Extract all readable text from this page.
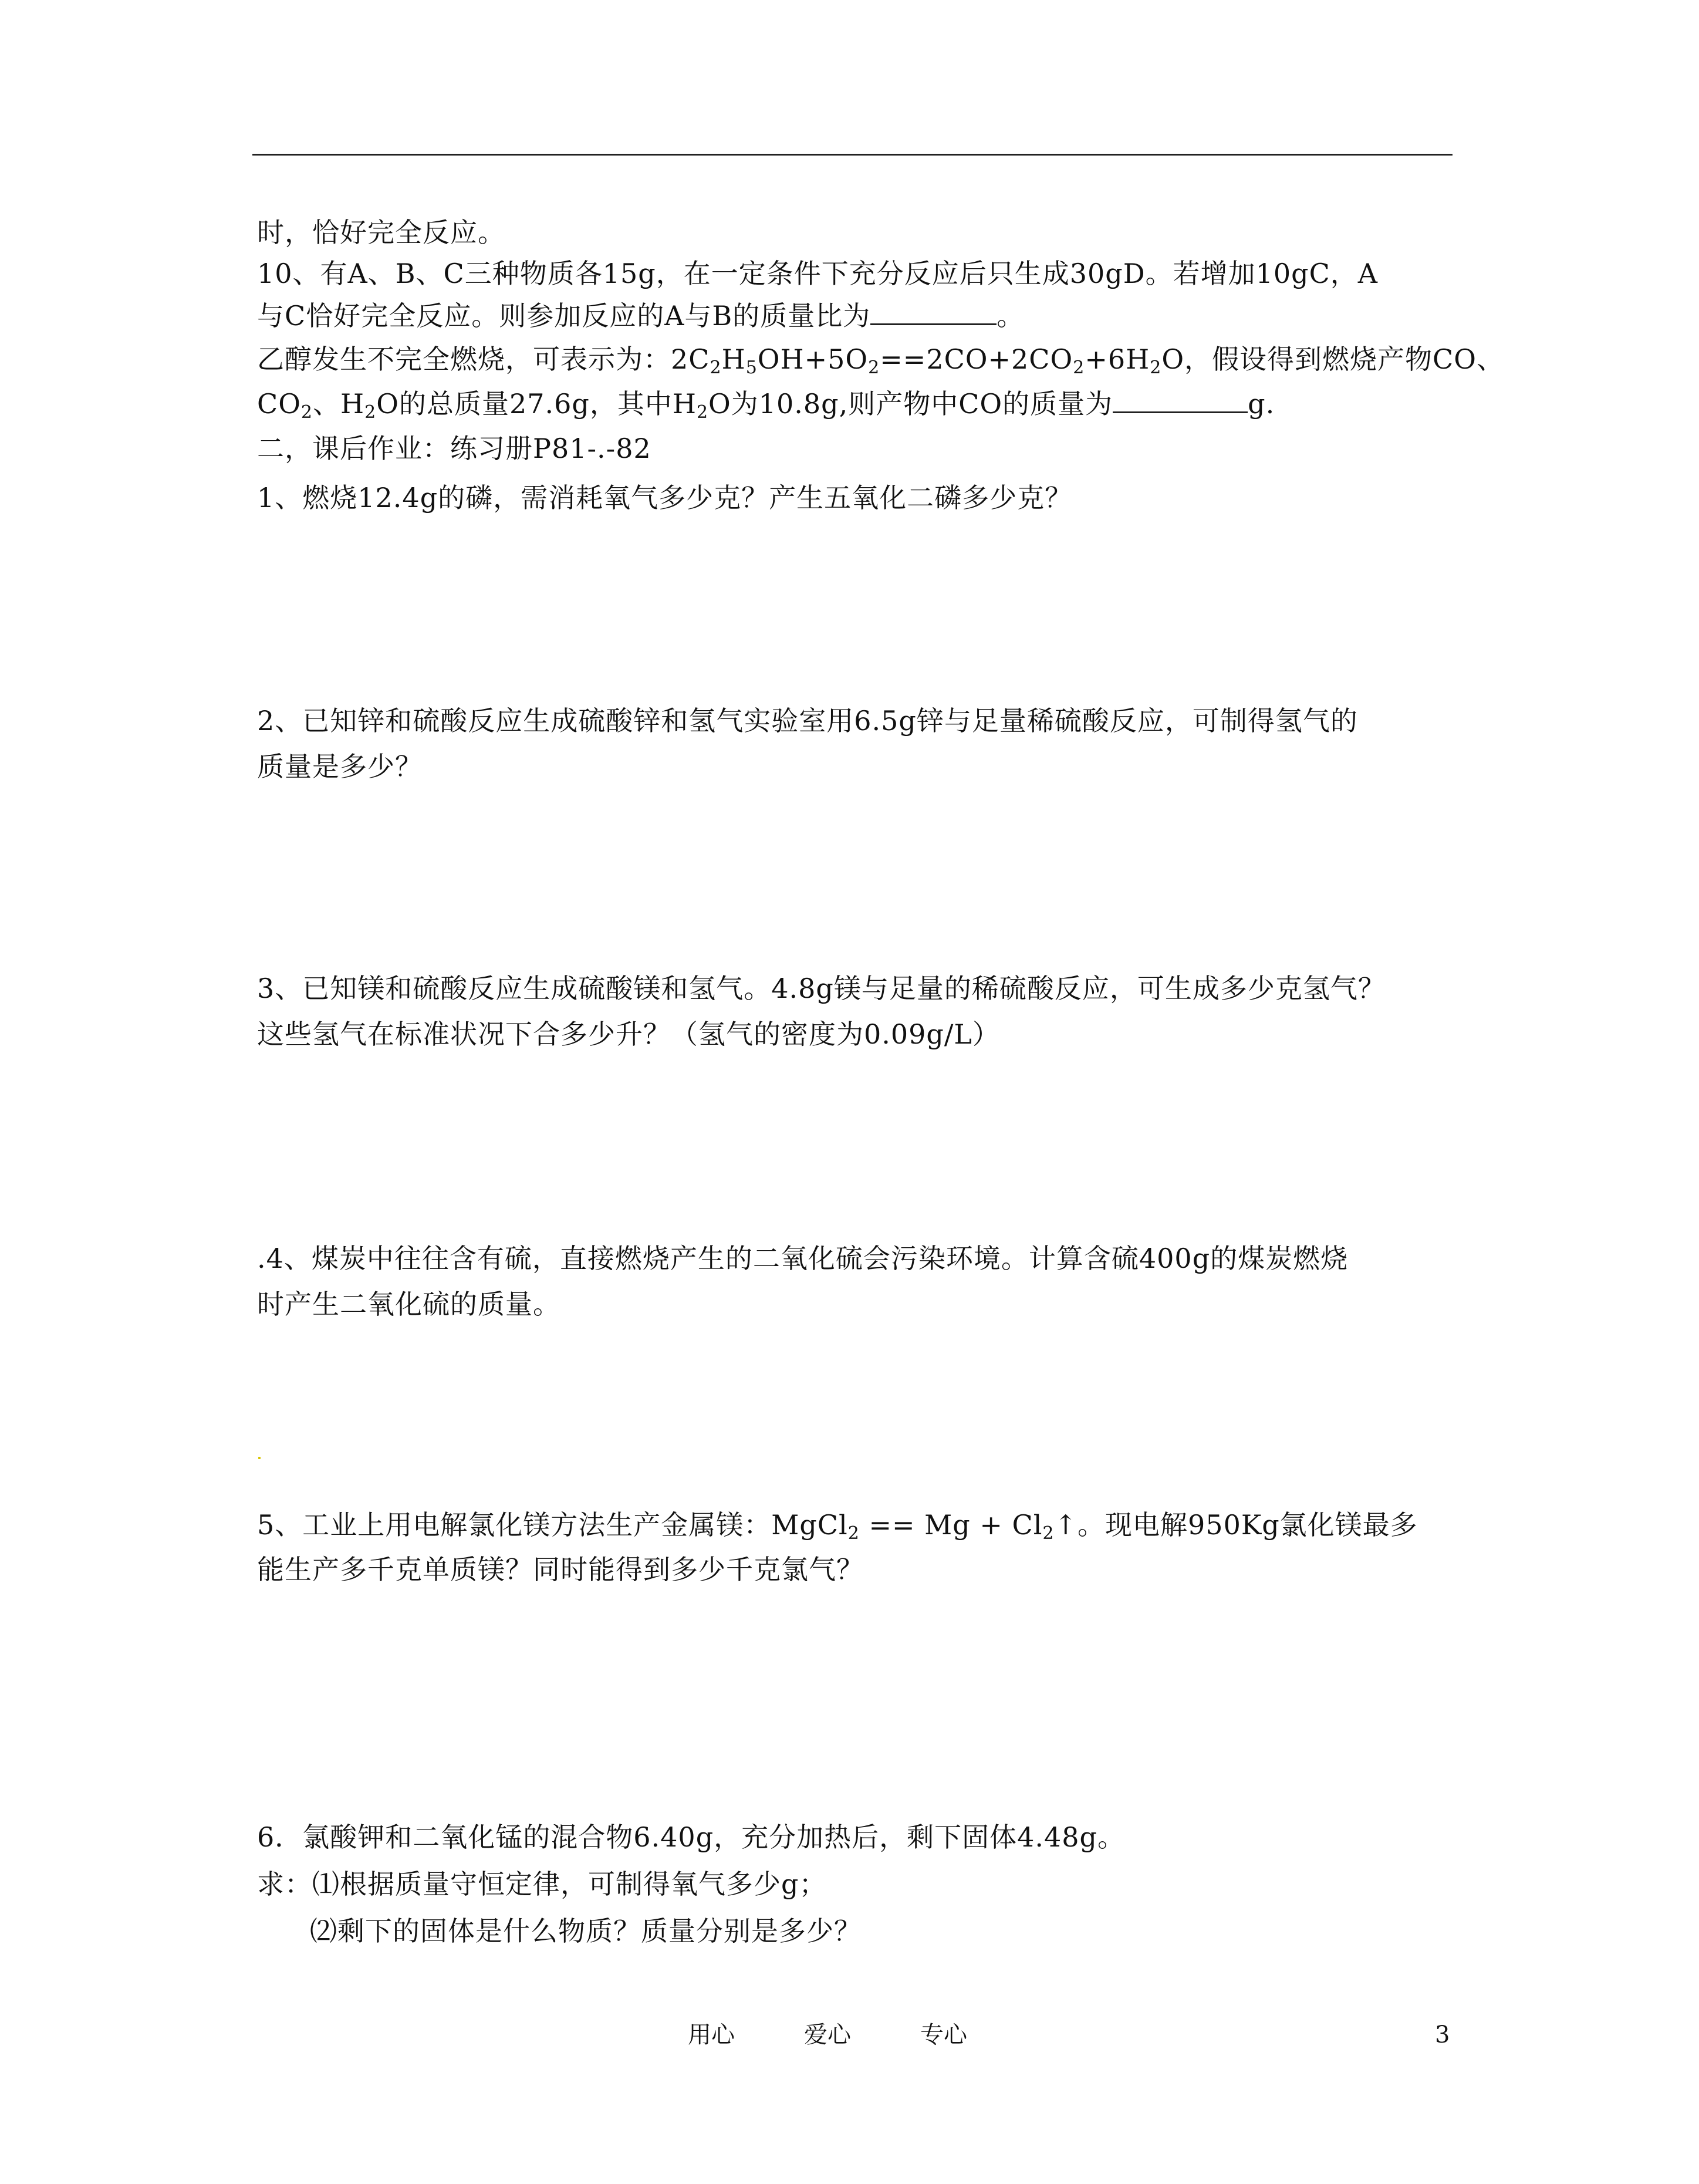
时，恰好完全反应。
10、有A、B、C三种物质各15g，在一定条件下充分反应后只生成30gD。若增加10gC，A
与C恰好完全反应。则参加反应的A与B的质量比为	。
乙醇发生不完全燃烧，可表示为：$2C_2H_5OH+5O_2==2CO+2CO_2+6H_2O$，假设得到燃烧产物CO、
$CO_2$、$H_2O$的总质量27.6g，其中$H_2O$为10.8g,则产物中CO的质量为	g.
二，课后作业：练习册P81-.-82
1、燃烧12.4g的磷，需消耗氧气多少克？产生五氧化二磷多少克？
2、已知锌和硫酸反应生成硫酸锌和氢气实验室用6.5g锌与足量稀硫酸反应，可制得氢气的
质量是多少？
3、已知镁和硫酸反应生成硫酸镁和氢气。4.8g镁与足量的稀硫酸反应，可生成多少克氢气？
这些氢气在标准状况下合多少升？（氢气的密度为0.09g/L）
.4、煤炭中往往含有硫，直接燃烧产生的二氧化硫会污染环境。计算含硫400g的煤炭燃烧
时产生二氧化硫的质量。
5、工业上用电解氯化镁方法生产金属镁：MgCl$_2$ == $Mg + Cl_2↑$。现电解950Kg氯化镁最多
能生产多千克单质镁？同时能得到多少千克氯气？
6．氯酸钾和二氧化锰的混合物6.40g，充分加热后，剩下固体4.48g。
求：⑴根据质量守恒定律，可制得氧气多少g；
⑵剩下的固体是什么物质？质量分别是多少？
用心	爱心	专心	3
